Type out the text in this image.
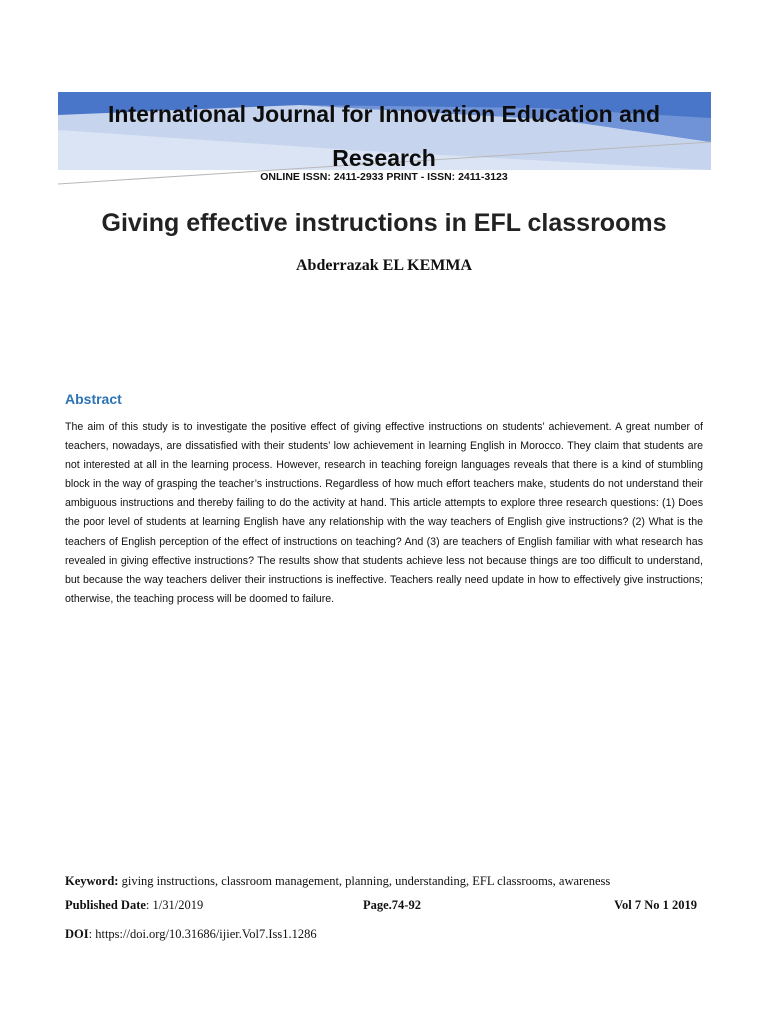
International Journal for Innovation Education and Research
ONLINE ISSN: 2411-2933 PRINT - ISSN: 2411-3123
Giving effective instructions in EFL classrooms
Abderrazak EL KEMMA
Abstract

The aim of this study is to investigate the positive effect of giving effective instructions on students’ achievement. A great number of teachers, nowadays, are dissatisfied with their students’ low achievement in learning English in Morocco. They claim that students are not interested at all in the learning process. However, research in teaching foreign languages reveals that there is a kind of stumbling block in the way of grasping the teacher’s instructions. Regardless of how much effort teachers make, students do not understand their ambiguous instructions and thereby failing to do the activity at hand. This article attempts to explore three research questions: (1) Does the poor level of students at learning English have any relationship with the way teachers of English give instructions? (2) What is the teachers of English perception of the effect of instructions on teaching? And (3) are teachers of English familiar with what research has revealed in giving effective instructions? The results show that students achieve less not because things are too difficult to understand, but because the way teachers deliver their instructions is ineffective. Teachers really need update in how to effectively give instructions; otherwise, the teaching process will be doomed to failure.

Keyword: giving instructions, classroom management, planning, understanding, EFL classrooms, awareness
Published Date: 1/31/2019	Page.74-92	Vol 7 No 1 2019
DOI: https://doi.org/10.31686/ijier.Vol7.Iss1.1286
